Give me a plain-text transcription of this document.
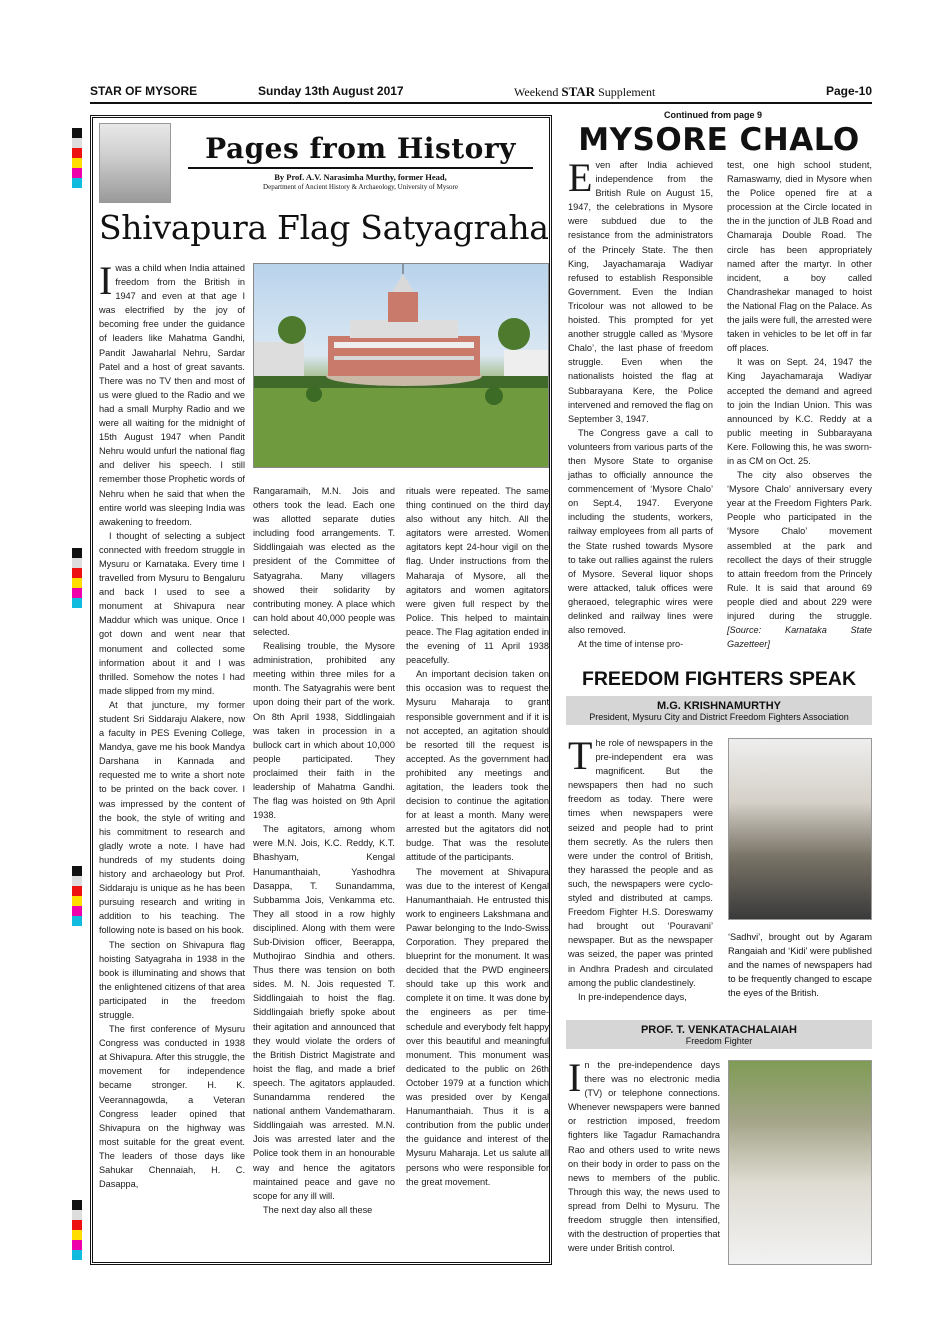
STAR OF MYSORE	Sunday 13th August 2017	Weekend STAR Supplement	Page-10
Pages from History
By Prof. A.V. Narasimha Murthy, former Head,
Department of Ancient History & Archaeology, University of Mysore
Shivapura Flag Satyagraha

Iwas a child when India attained freedom from the British in 1947 and even at that age I was electrified by the joy of becoming free under the guidance of leaders like Mahatma Gandhi, Pandit Jawaharlal Nehru, Sardar Patel and a host of great savants. There was no TV then and most of us were glued to the Radio and we had a small Murphy Radio and we were all waiting for the midnight of 15th August 1947 when Pandit Nehru would unfurl the national flag and deliver his speech. I still remember those Prophetic words of Nehru when he said that when the entire world was sleeping India was awakening to freedom.

I thought of selecting a subject connected with freedom struggle in Mysuru or Karnataka. Every time I travelled from Mysuru to Bengaluru and back I used to see a monument at Shivapura near Maddur which was unique. Once I got down and went near that monument and collected some information about it and I was thrilled. Somehow the notes I had made slipped from my mind.

At that juncture, my former student Sri Siddaraju Alakere, now a faculty in PES Evening College, Mandya, gave me his book Mandya Darshana in Kannada and requested me to write a short note to be printed on the back cover. I was impressed by the content of the book, the style of writing and his commitment to research and gladly wrote a note. I have had hundreds of my students doing history and archaeology but Prof. Siddaraju is unique as he has been pursuing research and writing in addition to his teaching. The following note is based on his book.

The section on Shivapura flag hoisting Satyagraha in 1938 in the book is illuminating and shows that the enlightened citizens of that area participated in the freedom struggle.

The first conference of Mysuru Congress was conducted in 1938 at Shivapura. After this struggle, the movement for independence became stronger. H. K. Veerannagowda, a Veteran Congress leader opined that Shivapura on the highway was most suitable for the great event. The leaders of those days like Sahukar Chennaiah, H. C. Dasappa,

Rangaramaih, M.N. Jois and others took the lead. Each one was allotted separate duties including food arrangements. T. Siddlingaiah was elected as the president of the Committee of Satyagraha. Many villagers showed their solidarity by contributing money. A place which can hold about 40,000 people was selected.

Realising trouble, the Mysore administration, prohibited any meeting within three miles for a month. The Satyagrahis were bent upon doing their part of the work. On 8th April 1938, Siddlingaiah was taken in procession in a bullock cart in which about 10,000 people participated. They proclaimed their faith in the leadership of Mahatma Gandhi. The flag was hoisted on 9th April 1938.

The agitators, among whom were M.N. Jois, K.C. Reddy, K.T. Bhashyam, Kengal Hanumanthaiah, Yashodhra Dasappa, T. Sunandamma, Subbamma Jois, Venkamma etc. They all stood in a row highly disciplined. Along with them were Sub-Division officer, Beerappa, Muthojirao Sindhia and others. Thus there was tension on both sides. M. N. Jois requested T. Siddlingaiah to hoist the flag. Siddlingaiah briefly spoke about their agitation and announced that they would violate the orders of the British District Magistrate and hoist the flag, and made a brief speech. The agitators applauded. Sunandamma rendered the national anthem Vandematharam. Siddlingaiah was arrested. M.N. Jois was arrested later and the Police took them in an honourable way and hence the agitators maintained peace and gave no scope for any ill will.

The next day also all these

rituals were repeated. The same thing continued on the third day also without any hitch. All the agitators were arrested. Women agitators kept 24-hour vigil on the flag. Under instructions from the Maharaja of Mysore, all the agitators and women agitators were given full respect by the Police. This helped to maintain peace. The Flag agitation ended in the evening of 11 April 1938 peacefully.

An important decision taken on this occasion was to request the Mysuru Maharaja to grant responsible government and if it is not accepted, an agitation should be resorted till the request is accepted. As the government had prohibited any meetings and agitation, the leaders took the decision to continue the agitation for at least a month. Many were arrested but the agitators did not budge. That was the resolute attitude of the participants.

The movement at Shivapura was due to the interest of Kengal Hanumanthaiah. He entrusted this work to engineers Lakshmana and Pawar belonging to the Indo-Swiss Corporation. They prepared the blueprint for the monument. It was decided that the PWD engineers should take up this work and complete it on time. It was done by the engineers as per time-schedule and everybody felt happy over this beautiful and meaningful monument. This monument was dedicated to the public on 26th October 1979 at a function which was presided over by Kengal Hanumanthaiah. Thus it is a contribution from the public under the guidance and interest of the Mysuru Maharaja. Let us salute all persons who were responsible for the great movement.

Continued from page 9
MYSORE CHALO

Even after India achieved independence from the British Rule on August 15, 1947, the celebrations in Mysore were subdued due to the resistance from the administrators of the Princely State. The then King, Jayachamaraja Wadiyar refused to establish Responsible Government. Even the Indian Tricolour was not allowed to be hoisted. This prompted for yet another struggle called as ‘Mysore Chalo’, the last phase of freedom struggle. Even when the nationalists hoisted the flag at Subbarayana Kere, the Police intervened and removed the flag on September 3, 1947.

The Congress gave a call to volunteers from various parts of the then Mysore State to organise jathas to officially announce the commencement of ‘Mysore Chalo’ on Sept.4, 1947. Everyone including the students, workers, railway employees from all parts of the State rushed towards Mysore to take out rallies against the rulers of Mysore. Several liquor shops were attacked, taluk offices were gheraoed, telegraphic wires were delinked and railway lines were also removed.

At the time of intense pro-

test, one high school student, Ramaswamy, died in Mysore when the Police opened fire at a procession at the Circle located in the in the junction of JLB Road and Chamaraja Double Road. The circle has been appropriately named after the martyr. In other incident, a boy called Chandrashekar managed to hoist the National Flag on the Palace. As the jails were full, the arrested were taken in vehicles to be let off in far off places.

It was on Sept. 24, 1947 the King Jayachamaraja Wadiyar accepted the demand and agreed to join the Indian Union. This was announced by K.C. Reddy at a public meeting in Subbarayana Kere. Following this, he was sworn-in as CM on Oct. 25.

The city also observes the ‘Mysore Chalo’ anniversary every year at the Freedom Fighters Park. People who participated in the ‘Mysore Chalo’ movement assembled at the park and recollect the days of their struggle to attain freedom from the Princely Rule. It is said that around 69 people died and about 229 were injured during the struggle. [Source: Karnataka State Gazetteer]

FREEDOM FIGHTERS SPEAK
M.G. KRISHNAMURTHY
President, Mysuru City and District Freedom Fighters Association

The role of newspapers in the pre-independent era was magnificent. But the newspapers then had no such freedom as today. There were times when newspapers were seized and people had to print them secretly. As the rulers then were under the control of British, they harassed the people and as such, the newspapers were cyclo-styled and distributed at camps. Freedom Fighter H.S. Doreswamy had brought out ‘Pouravani’ newspaper. But as the newspaper was seized, the paper was printed in Andhra Pradesh and circulated among the public clandestinely.

In pre-independence days,

‘Sadhvi’, brought out by Agaram Rangaiah and ‘Kidi’ were published and the names of newspapers had to be frequently changed to escape the eyes of the British.
PROF. T. VENKATACHALAIAH
Freedom Fighter

In the pre-independence days there was no electronic media (TV) or telephone connections. Whenever newspapers were banned or restriction imposed, freedom fighters like Tagadur Ramachandra Rao and others used to write news on their body in order to pass on the news to members of the public. Through this way, the news used to spread from Delhi to Mysuru. The freedom struggle then intensified, with the destruction of properties that were under British control.
